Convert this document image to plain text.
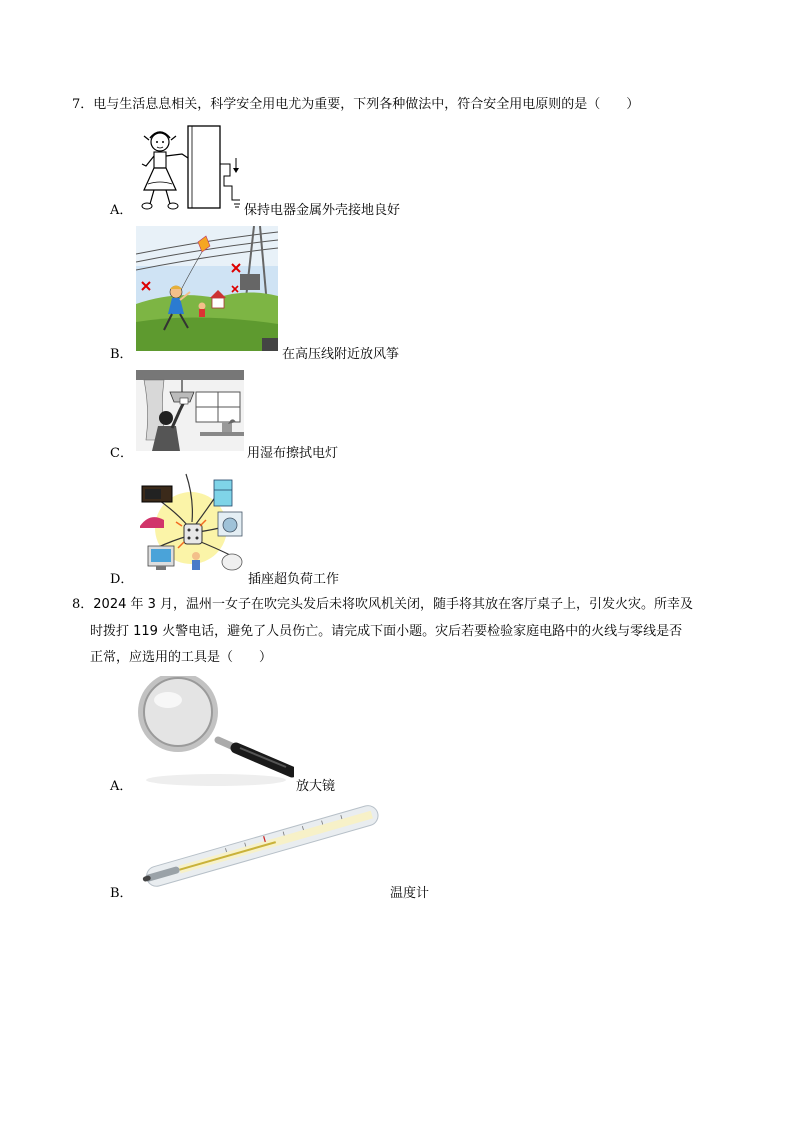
7．电与生活息息相关，科学安全用电尤为重要，下列各种做法中，符合安全用电原则的是（　　）
A．	保持电器金属外壳接地良好
B．	在高压线附近放风筝
C．	用湿布擦拭电灯
D．	插座超负荷工作
8．2024 年 3 月，温州一女子在吹完头发后未将吹风机关闭，随手将其放在客厅桌子上，引发火灾。所幸及
时拨打 119 火警电话，避免了人员伤亡。请完成下面小题。灾后若要检验家庭电路中的火线与零线是否
正常，应选用的工具是（　　）
A．	放大镜
B．	温度计
